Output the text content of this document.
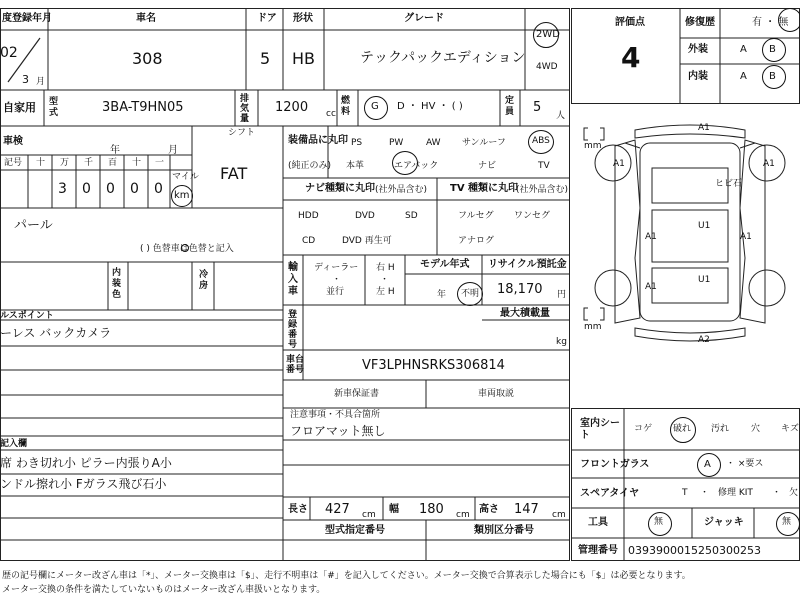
度登録年月
02
3 月
車名
308
ドア
5
形状
HB
グレード
テックパックエディション
2WD
4WD
評価点
4
修復歴	有 ・ 無
外装	A B
内装	A B
自家用 型式	3BA-T9HN05
排気量
1200 cc
燃料 G D ・ HV ・ ( )	定員 5
人
車検
年	月
シフト
FAT
記号 十 万 千 百 十 一
3 0 0 0 0
マイル
km
パール
( ) 色替車は色替と記入
内装色
冷房
ルスポイント
ーレス バックカメラ
記入欄
席 わき切れ小 ピラー内張りA小
ンドル擦れ小 Fガラス飛び石小
装備品に丸印
(純正のみ)
PS	PW	AW サンルーフ	ABS
本革	エアバック	ナビ	TV
ナビ種類に丸印 (社外品含む)
HDD	DVD	SD
CD	DVD 再生可
TV 種類に丸印
(社外品含む)
フルセグ ワンセグ
アナログ
輸入車
ディーラー
・
並行
右 H
・
左 H
モデル年式
年 不明
リサイクル預託金
18,170 円
最大積載量
kg
登録番号
車台番号	VF3LPHNSRKS306814
新車保証書	車両取説
注意事項・不具合箇所
フロアマット無し
長さ 427 cm 幅 180 cm 高さ 147 cm
型式指定番号	類別区分番号
mm
mm
A1
A1	A1
A1	A1
A1
U1
U1
A2
ヒビ石
室内シート
コゲ 破れ 汚れ 穴 キズ
フロントガラス	A ・ ×要ス
スペアタイヤ	T ・ 修理 KIT ・ 欠
工具	無	ジャッキ	無
管理番号 0393900015250300253
歴の記号欄にメーター改ざん車は「*」、メーター交換車は「$」、走行不明車は「#」を記入してください。メーター交換で合算表示した場合にも「$」は必要となります。
メーター交換の条件を満たしていないものはメーター改ざん車扱いとなります。
